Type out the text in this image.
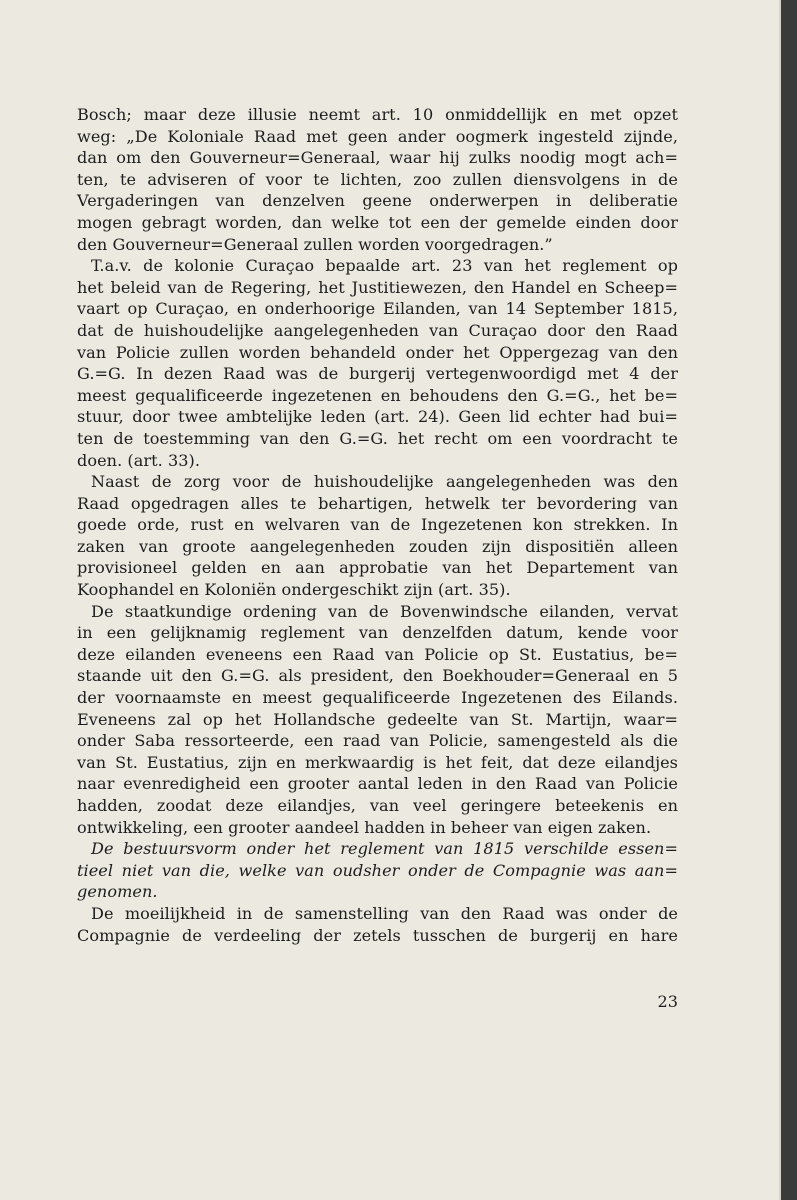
Bosch; maar deze illusie neemt art. 10 onmiddellijk en met opzet
weg: „De Koloniale Raad met geen ander oogmerk ingesteld zijnde,
dan om den Gouverneur=Generaal, waar hij zulks noodig mogt ach=
ten, te adviseren of voor te lichten, zoo zullen diensvolgens in de
Vergaderingen van denzelven geene onderwerpen in deliberatie
mogen gebragt worden, dan welke tot een der gemelde einden door
den Gouverneur=Generaal zullen worden voorgedragen.”
T.a.v. de kolonie Curaçao bepaalde art. 23 van het reglement op
het beleid van de Regering, het Justitiewezen, den Handel en Scheep=
vaart op Curaçao, en onderhoorige Eilanden, van 14 September 1815,
dat de huishoudelijke aangelegenheden van Curaçao door den Raad
van Policie zullen worden behandeld onder het Oppergezag van den
G.=G. In dezen Raad was de burgerij vertegenwoordigd met 4 der
meest gequalificeerde ingezetenen en behoudens den G.=G., het be=
stuur, door twee ambtelijke leden (art. 24). Geen lid echter had bui=
ten de toestemming van den G.=G. het recht om een voordracht te
doen. (art. 33).
Naast de zorg voor de huishoudelijke aangelegenheden was den
Raad opgedragen alles te behartigen, hetwelk ter bevordering van
goede orde, rust en welvaren van de Ingezetenen kon strekken. In
zaken van groote aangelegenheden zouden zijn dispositiën alleen
provisioneel gelden en aan approbatie van het Departement van
Koophandel en Koloniën ondergeschikt zijn (art. 35).
De staatkundige ordening van de Bovenwindsche eilanden, vervat
in een gelijknamig reglement van denzelfden datum, kende voor
deze eilanden eveneens een Raad van Policie op St. Eustatius, be=
staande uit den G.=G. als president, den Boekhouder=Generaal en 5
der voornaamste en meest gequalificeerde Ingezetenen des Eilands.
Eveneens zal op het Hollandsche gedeelte van St. Martijn, waar=
onder Saba ressorteerde, een raad van Policie, samengesteld als die
van St. Eustatius, zijn en merkwaardig is het feit, dat deze eilandjes
naar evenredigheid een grooter aantal leden in den Raad van Policie
hadden, zoodat deze eilandjes, van veel geringere beteekenis en
ontwikkeling, een grooter aandeel hadden in beheer van eigen zaken.
De bestuursvorm onder het reglement van 1815 verschilde essen=
tieel niet van die, welke van oudsher onder de Compagnie was aan=
genomen.
De moeilijkheid in de samenstelling van den Raad was onder de
Compagnie de verdeeling der zetels tusschen de burgerij en hare
23
